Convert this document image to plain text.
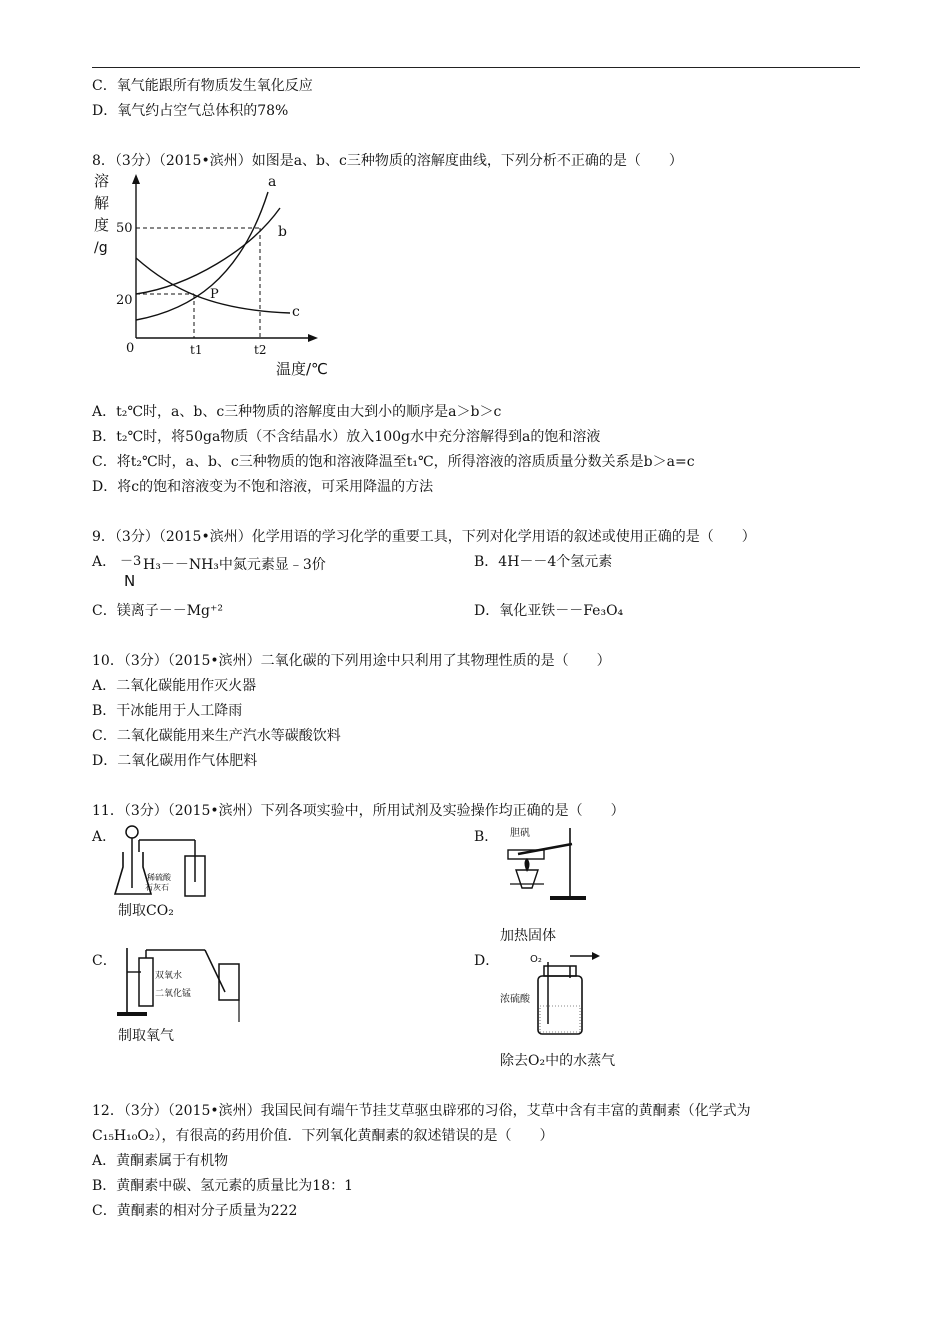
C．氧气能跟所有物质发生氧化反应
D．氧气约占空气总体积的78%
8．（3分）（2015•滨州）如图是a、b、c三种物质的溶解度曲线，下列分析不正确的是（　　）
溶
解
度
/g
a
b
c
P
50
20
0	t1	t2
温度/℃
A．t₂℃时，a、b、c三种物质的溶解度由大到小的顺序是a＞b＞c
B．t₂℃时，将50ga物质（不含结晶水）放入100g水中充分溶解得到a的饱和溶液
C．将t₂℃时，a、b、c三种物质的饱和溶液降温至t₁℃，所得溶液的溶质质量分数关系是b＞a=c
D．将c的饱和溶液变为不饱和溶液，可采用降温的方法
9．（3分）（2015•滨州）化学用语的学习化学的重要工具，下列对化学用语的叙述或使用正确的是（　　）
A． －3
N
H₃－－NH₃中氮元素显﹣3价	B．4H－－4个氢元素
C．镁离子－－Mg⁺²	D．氧化亚铁－－Fe₃O₄
10．（3分）（2015•滨州）二氧化碳的下列用途中只利用了其物理性质的是（　　）
A．二氧化碳能用作灭火器
B．干冰能用于人工降雨
C．二氧化碳能用来生产汽水等碳酸饮料
D．二氧化碳用作气体肥料
11．（3分）（2015•滨州）下列各项实验中，所用试剂及实验操作均正确的是（　　）
A．
稀硫酸
石灰石
制取CO₂
B． 胆矾
加热固体
C．
双氧水
二氧化锰
制取氧气
D．	O₂
浓硫酸
除去O₂中的水蒸气
12．（3分）（2015•滨州）我国民间有端午节挂艾草驱虫辟邪的习俗，艾草中含有丰富的黄酮素（化学式为
C₁₅H₁₀O₂），有很高的药用价值．下列氧化黄酮素的叙述错误的是（　　）
A．黄酮素属于有机物
B．黄酮素中碳、氢元素的质量比为18：1
C．黄酮素的相对分子质量为222
